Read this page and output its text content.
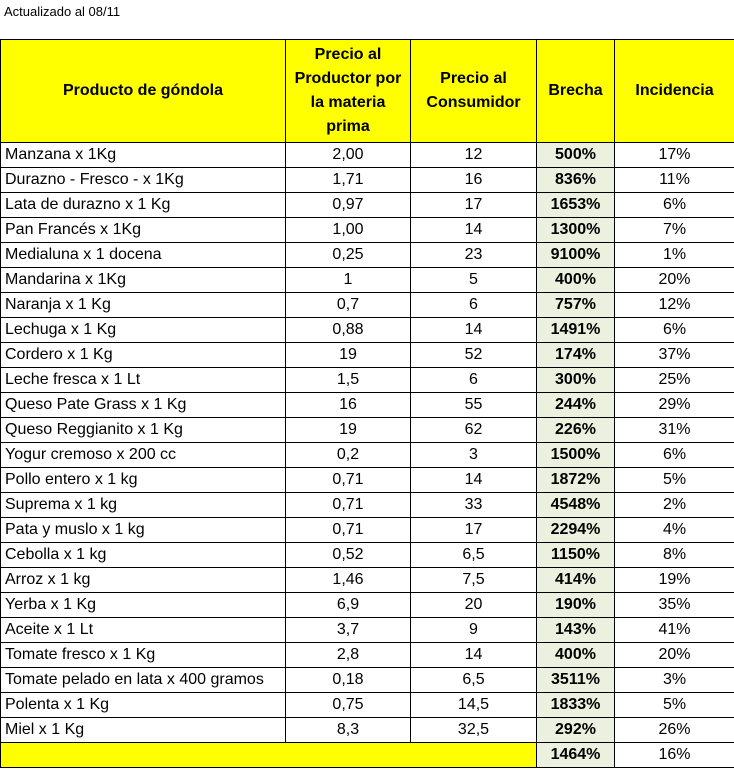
Actualizado al 08/11
Producto de góndola	Precio al Productor por la materia prima	Precio al Consumidor	Brecha	Incidencia
Manzana x 1Kg	2,00	12	500%	17%
Durazno - Fresco - x 1Kg	1,71	16	836%	11%
Lata de durazno x 1 Kg	0,97	17	1653%	6%
Pan Francés x 1Kg	1,00	14	1300%	7%
Medialuna x 1 docena	0,25	23	9100%	1%
Mandarina x 1Kg	1	5	400%	20%
Naranja x 1 Kg	0,7	6	757%	12%
Lechuga x 1 Kg	0,88	14	1491%	6%
Cordero x 1 Kg	19	52	174%	37%
Leche fresca x 1 Lt	1,5	6	300%	25%
Queso Pate Grass x 1 Kg	16	55	244%	29%
Queso Reggianito x 1 Kg	19	62	226%	31%
Yogur cremoso x 200 cc	0,2	3	1500%	6%
Pollo entero x 1 kg	0,71	14	1872%	5%
Suprema x 1 kg	0,71	33	4548%	2%
Pata y muslo x 1 kg	0,71	17	2294%	4%
Cebolla x 1 kg	0,52	6,5	1150%	8%
Arroz x 1 kg	1,46	7,5	414%	19%
Yerba x 1 Kg	6,9	20	190%	35%
Aceite x 1 Lt	3,7	9	143%	41%
Tomate fresco x 1 Kg	2,8	14	400%	20%
Tomate pelado en lata x 400 gramos	0,18	6,5	3511%	3%
Polenta x 1 Kg	0,75	14,5	1833%	5%
Miel x 1 Kg	8,3	32,5	292%	26%
			1464%	16%
